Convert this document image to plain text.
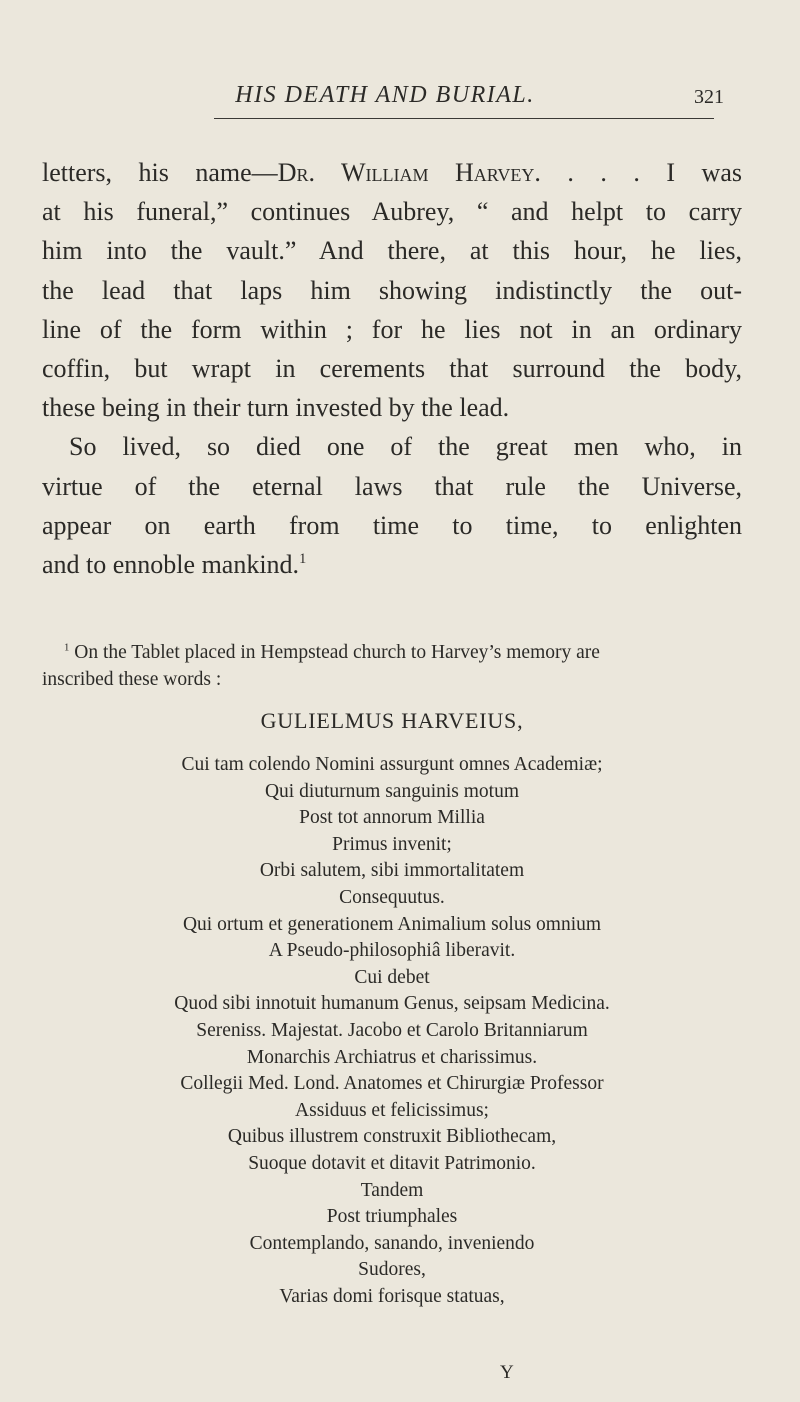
HIS DEATH AND BURIAL.	321
letters, his name—Dr. William Harvey. . . . I was
at his funeral,” continues Aubrey, “ and helpt to carry
him into the vault.” And there, at this hour, he lies,
the lead that laps him showing indistinctly the out-
line of the form within ; for he lies not in an ordinary
coffin, but wrapt in cerements that surround the body,
these being in their turn invested by the lead.
So lived, so died one of the great men who, in
virtue of the eternal laws that rule the Universe,
appear on earth from time to time, to enlighten
and to ennoble mankind.$^1$
$^1$ On the Tablet placed in Hempstead church to Harvey’s memory are
inscribed these words :
GULIELMUS HARVEIUS,
Cui tam colendo Nomini assurgunt omnes Academiæ;
Qui diuturnum sanguinis motum
Post tot annorum Millia
Primus invenit;
Orbi salutem, sibi immortalitatem
Consequutus.
Qui ortum et generationem Animalium solus omnium
A Pseudo-philosophiâ liberavit.
Cui debet
Quod sibi innotuit humanum Genus, seipsam Medicina.
Sereniss. Majestat. Jacobo et Carolo Britanniarum
Monarchis Archiatrus et charissimus.
Collegii Med. Lond. Anatomes et Chirurgiæ Professor
Assiduus et felicissimus;
Quibus illustrem construxit Bibliothecam,
Suoque dotavit et ditavit Patrimonio.
Tandem
Post triumphales
Contemplando, sanando, inveniendo
Sudores,
Varias domi forisque statuas,
Y
